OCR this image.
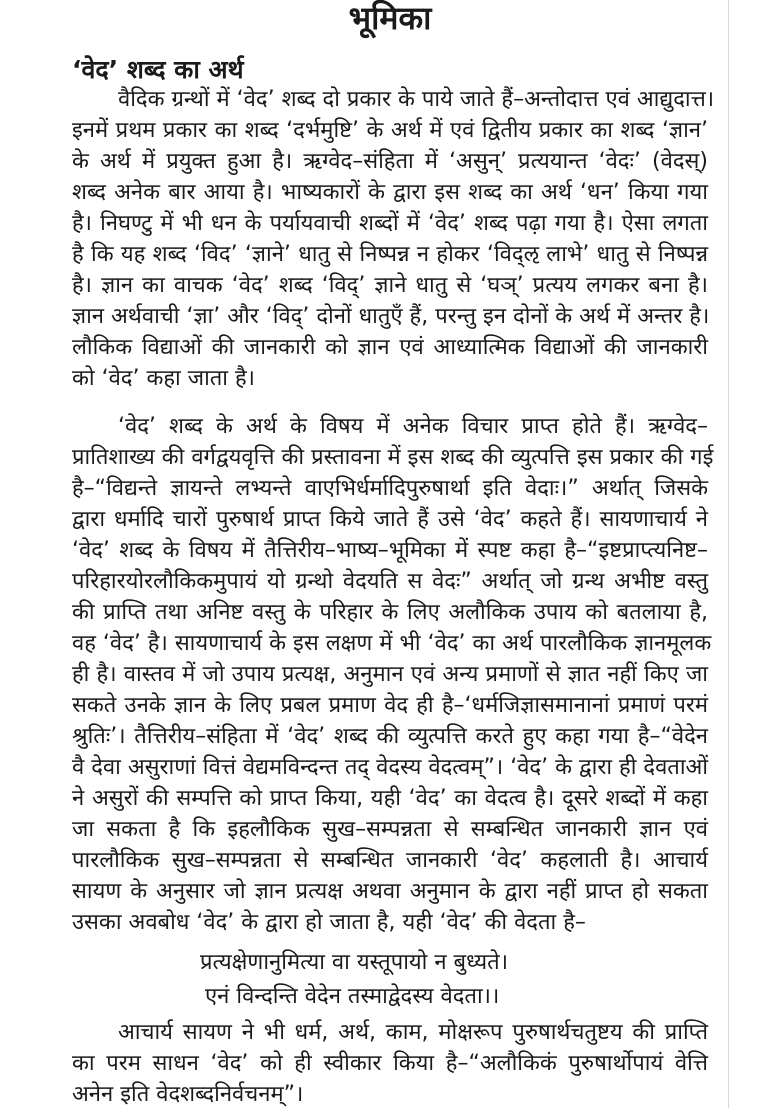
भूमिका
‘वेद’ शब्द का अर्थ
वैदिक ग्रन्थों में ‘वेद’ शब्द दो प्रकार के पाये जाते हैं–अन्तोदात्त एवं आद्युदात्त।
इनमें प्रथम प्रकार का शब्द ‘दर्भमुष्टि’ के अर्थ में एवं द्वितीय प्रकार का शब्द ‘ज्ञान’
के अर्थ में प्रयुक्त हुआ है। ऋग्वेद–संहिता में ‘असुन्’ प्रत्ययान्त ‘वेदः’ (वेदस्)
शब्द अनेक बार आया है। भाष्यकारों के द्वारा इस शब्द का अर्थ ‘धन’ किया गया
है। निघण्टु में भी धन के पर्यायवाची शब्दों में ‘वेद’ शब्द पढ़ा गया है। ऐसा लगता
है कि यह शब्द ‘विद’ ‘ज्ञाने’ धातु से निष्पन्न न होकर ‘विद्ऌ लाभे’ धातु से निष्पन्न
है। ज्ञान का वाचक ‘वेद’ शब्द ‘विद्’ ज्ञाने धातु से ‘घञ्’ प्रत्यय लगकर बना है।
ज्ञान अर्थवाची ‘ज्ञा’ और ‘विद्’ दोनों धातुएँ हैं, परन्तु इन दोनों के अर्थ में अन्तर है।
लौकिक विद्याओं की जानकारी को ज्ञान एवं आध्यात्मिक विद्याओं की जानकारी
को ‘वेद’ कहा जाता है।
‘वेद’ शब्द के अर्थ के विषय में अनेक विचार प्राप्त होते हैं। ऋग्वेद–
प्रातिशाख्य की वर्गद्वयवृत्ति की प्रस्तावना में इस शब्द की व्युत्पत्ति इस प्रकार की गई
है–“विद्यन्ते ज्ञायन्ते लभ्यन्ते वाएभिर्धर्मादिपुरुषार्था इति वेदाः।” अर्थात् जिसके
द्वारा धर्मादि चारों पुरुषार्थ प्राप्त किये जाते हैं उसे ‘वेद’ कहते हैं। सायणाचार्य ने
‘वेद’ शब्द के विषय में तैत्तिरीय–भाष्य–भूमिका में स्पष्ट कहा है–“इष्टप्राप्त्यनिष्ट–
परिहारयोरलौकिकमुपायं यो ग्रन्थो वेदयति स वेदः” अर्थात् जो ग्रन्थ अभीष्ट वस्तु
की प्राप्ति तथा अनिष्ट वस्तु के परिहार के लिए अलौकिक उपाय को बतलाया है,
वह ‘वेद’ है। सायणाचार्य के इस लक्षण में भी ‘वेद’ का अर्थ पारलौकिक ज्ञानमूलक
ही है। वास्तव में जो उपाय प्रत्यक्ष, अनुमान एवं अन्य प्रमाणों से ज्ञात नहीं किए जा
सकते उनके ज्ञान के लिए प्रबल प्रमाण वेद ही है–‘धर्मजिज्ञासमानानां प्रमाणं परमं
श्रुतिः’। तैत्तिरीय–संहिता में ‘वेद’ शब्द की व्युत्पत्ति करते हुए कहा गया है–“वेदेन
वै देवा असुराणां वित्तं वेद्यमविन्दन्त तद् वेदस्य वेदत्वम्”। ‘वेद’ के द्वारा ही देवताओं
ने असुरों की सम्पत्ति को प्राप्त किया, यही ‘वेद’ का वेदत्व है। दूसरे शब्दों में कहा
जा सकता है कि इहलौकिक सुख–सम्पन्नता से सम्बन्धित जानकारी ज्ञान एवं
पारलौकिक सुख–सम्पन्नता से सम्बन्धित जानकारी ‘वेद’ कहलाती है। आचार्य
सायण के अनुसार जो ज्ञान प्रत्यक्ष अथवा अनुमान के द्वारा नहीं प्राप्त हो सकता
उसका अवबोध ‘वेद’ के द्वारा हो जाता है, यही ‘वेद’ की वेदता है–
आचार्य सायण ने भी धर्म, अर्थ, काम, मोक्षरूप पुरुषार्थचतुष्टय की प्राप्ति
का परम साधन ‘वेद’ को ही स्वीकार किया है–“अलौकिकं पुरुषार्थोपायं वेत्ति
अनेन इति वेदशब्दनिर्वचनम्”।
प्रत्यक्षेणानुमित्या वा यस्तूपायो न बुध्यते।
एनं विन्दन्ति वेदेन तस्माद्वेदस्य वेदता।।
